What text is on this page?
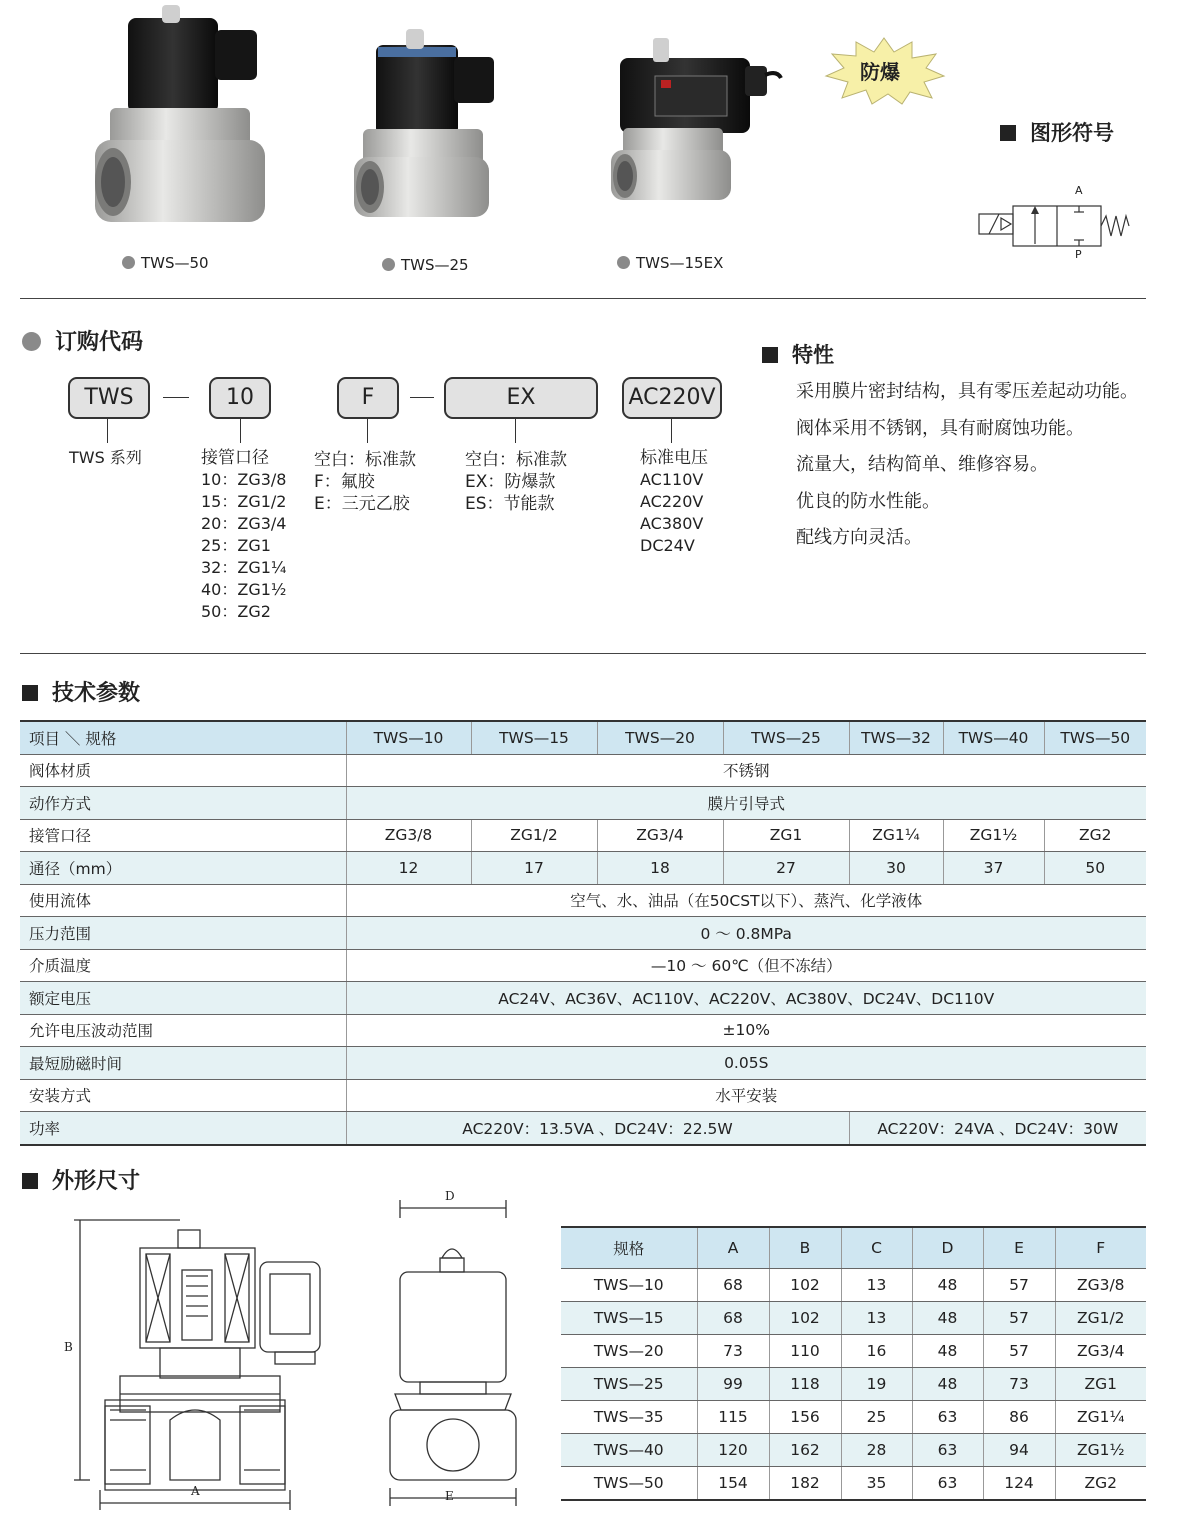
TWS—50	TWS—25	TWS—15EX
防爆
图形符号
A
P
订购代码
TWS	10	F	EX	AC220V
TWS 系列	接管口径
10：ZG3/8
15：ZG1/2
20：ZG3/4
25：ZG1
32：ZG1¼
40：ZG1½
50：ZG2
空白：标准款
F：氟胶
E：三元乙胶
空白：标准款
EX：防爆款
ES：节能款
标准电压
AC110V
AC220V
AC380V
DC24V
特性
采用膜片密封结构，具有零压差起动功能。
阀体采用不锈钢，具有耐腐蚀功能。
流量大，结构简单、维修容易。
优良的防水性能。
配线方向灵活。
技术参数
项目 ＼ 规格	TWS—10	TWS—15	TWS—20	TWS—25	TWS—32	TWS—40	TWS—50
阀体材质	不锈钢						
动作方式	膜片引导式						
接管口径	ZG3/8	ZG1/2	ZG3/4	ZG1	ZG1¼	ZG1½	ZG2
通径（mm）	12	17	18	27	30	37	50
使用流体	空气、水、油品（在50CST以下）、蒸汽、化学液体						
压力范围	0 ～ 0.8MPa						
介质温度	—10 ～ 60℃（但不冻结）						
额定电压	AC24V、AC36V、AC110V、AC220V、AC380V、DC24V、DC110V						
允许电压波动范围	±10%						
最短励磁时间	0.05S						
安装方式	水平安装						
功率	AC220V：13.5VA 、DC24V：22.5W				AC220V：24VA 、DC24V：30W		
外形尺寸
B
A
D
E
规格	A	B	C	D	E	F
TWS—10	68	102	13	48	57	ZG3/8
TWS—15	68	102	13	48	57	ZG1/2
TWS—20	73	110	16	48	57	ZG3/4
TWS—25	99	118	19	48	73	ZG1
TWS—35	115	156	25	63	86	ZG1¼
TWS—40	120	162	28	63	94	ZG1½
TWS—50	154	182	35	63	124	ZG2
